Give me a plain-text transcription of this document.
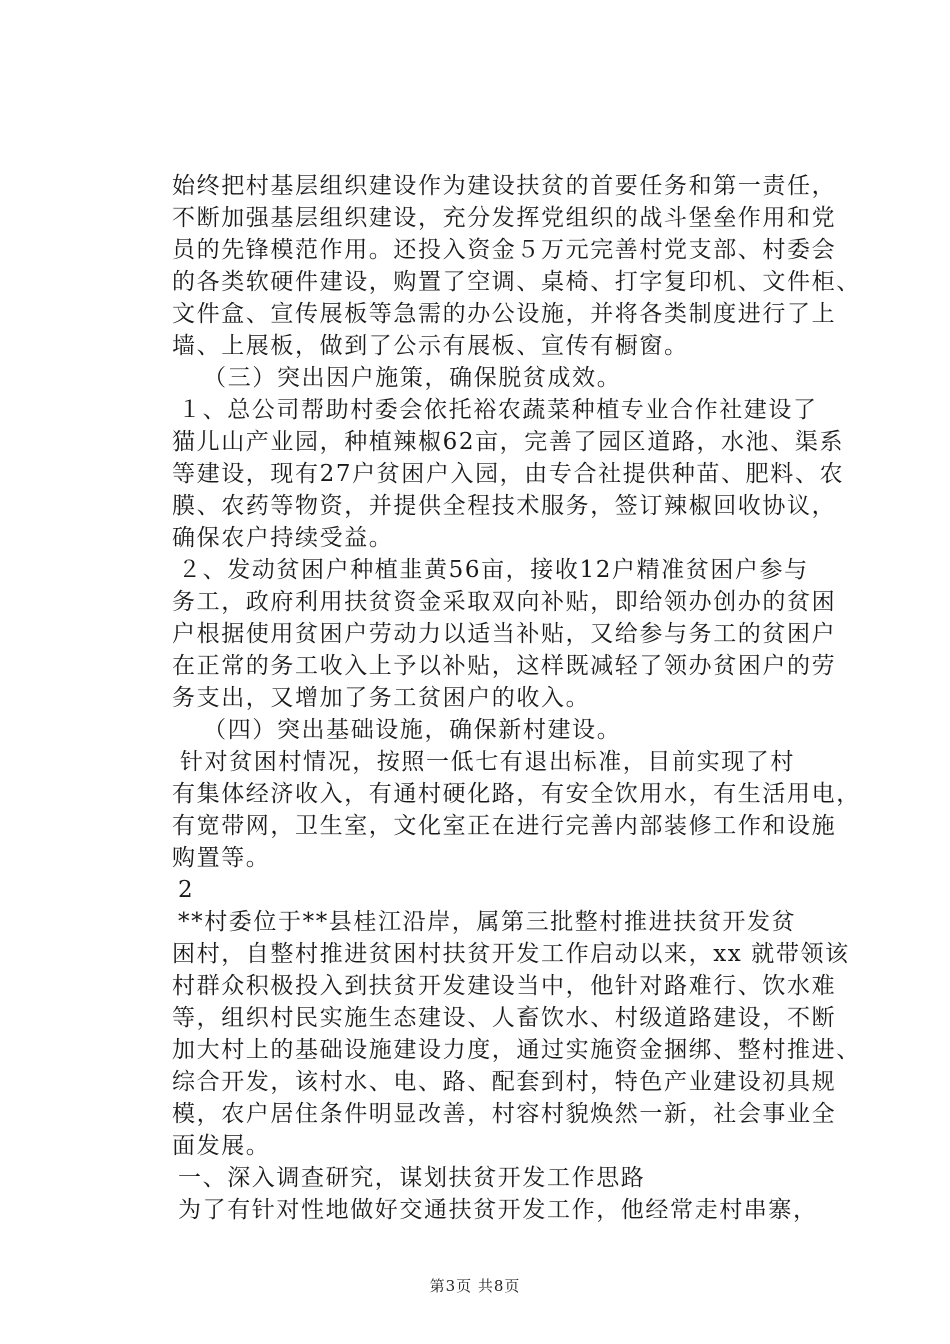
始终把村基层组织建设作为建设扶贫的首要任务和第一责任，
不断加强基层组织建设，充分发挥党组织的战斗堡垒作用和党
员的先锋模范作用。还投入资金５万元完善村党支部、村委会
的各类软硬件建设，购置了空调、桌椅、打字复印机、文件柜、
文件盒、宣传展板等急需的办公设施，并将各类制度进行了上
墙、上展板，做到了公示有展板、宣传有橱窗。
　（三）突出因户施策，确保脱贫成效。
１、总公司帮助村委会依托裕农蔬菜种植专业合作社建设了
猫儿山产业园，种植辣椒62亩，完善了园区道路，水池、渠系
等建设，现有27户贫困户入园，由专合社提供种苗、肥料、农
膜、农药等物资，并提供全程技术服务，签订辣椒回收协议，
确保农户持续受益。
２、发动贫困户种植韭黄56亩，接收12户精准贫困户参与
务工，政府利用扶贫资金采取双向补贴，即给领办创办的贫困
户根据使用贫困户劳动力以适当补贴，又给参与务工的贫困户
在正常的务工收入上予以补贴，这样既减轻了领办贫困户的劳
务支出，又增加了务工贫困户的收入。
　（四）突出基础设施，确保新村建设。
针对贫困村情况，按照一低七有退出标准，目前实现了村
有集体经济收入，有通村硬化路，有安全饮用水，有生活用电，
有宽带网，卫生室，文化室正在进行完善内部装修工作和设施
购置等。
2
**村委位于**县桂江沿岸，属第三批整村推进扶贫开发贫
困村，自整村推进贫困村扶贫开发工作启动以来，xx 就带领该
村群众积极投入到扶贫开发建设当中，他针对路难行、饮水难
等，组织村民实施生态建设、人畜饮水、村级道路建设，不断
加大村上的基础设施建设力度，通过实施资金捆绑、整村推进、
综合开发，该村水、电、路、配套到村，特色产业建设初具规
模，农户居住条件明显改善，村容村貌焕然一新，社会事业全
面发展。
一、深入调查研究，谋划扶贫开发工作思路
为了有针对性地做好交通扶贫开发工作，他经常走村串寨，
第3页 共8页
